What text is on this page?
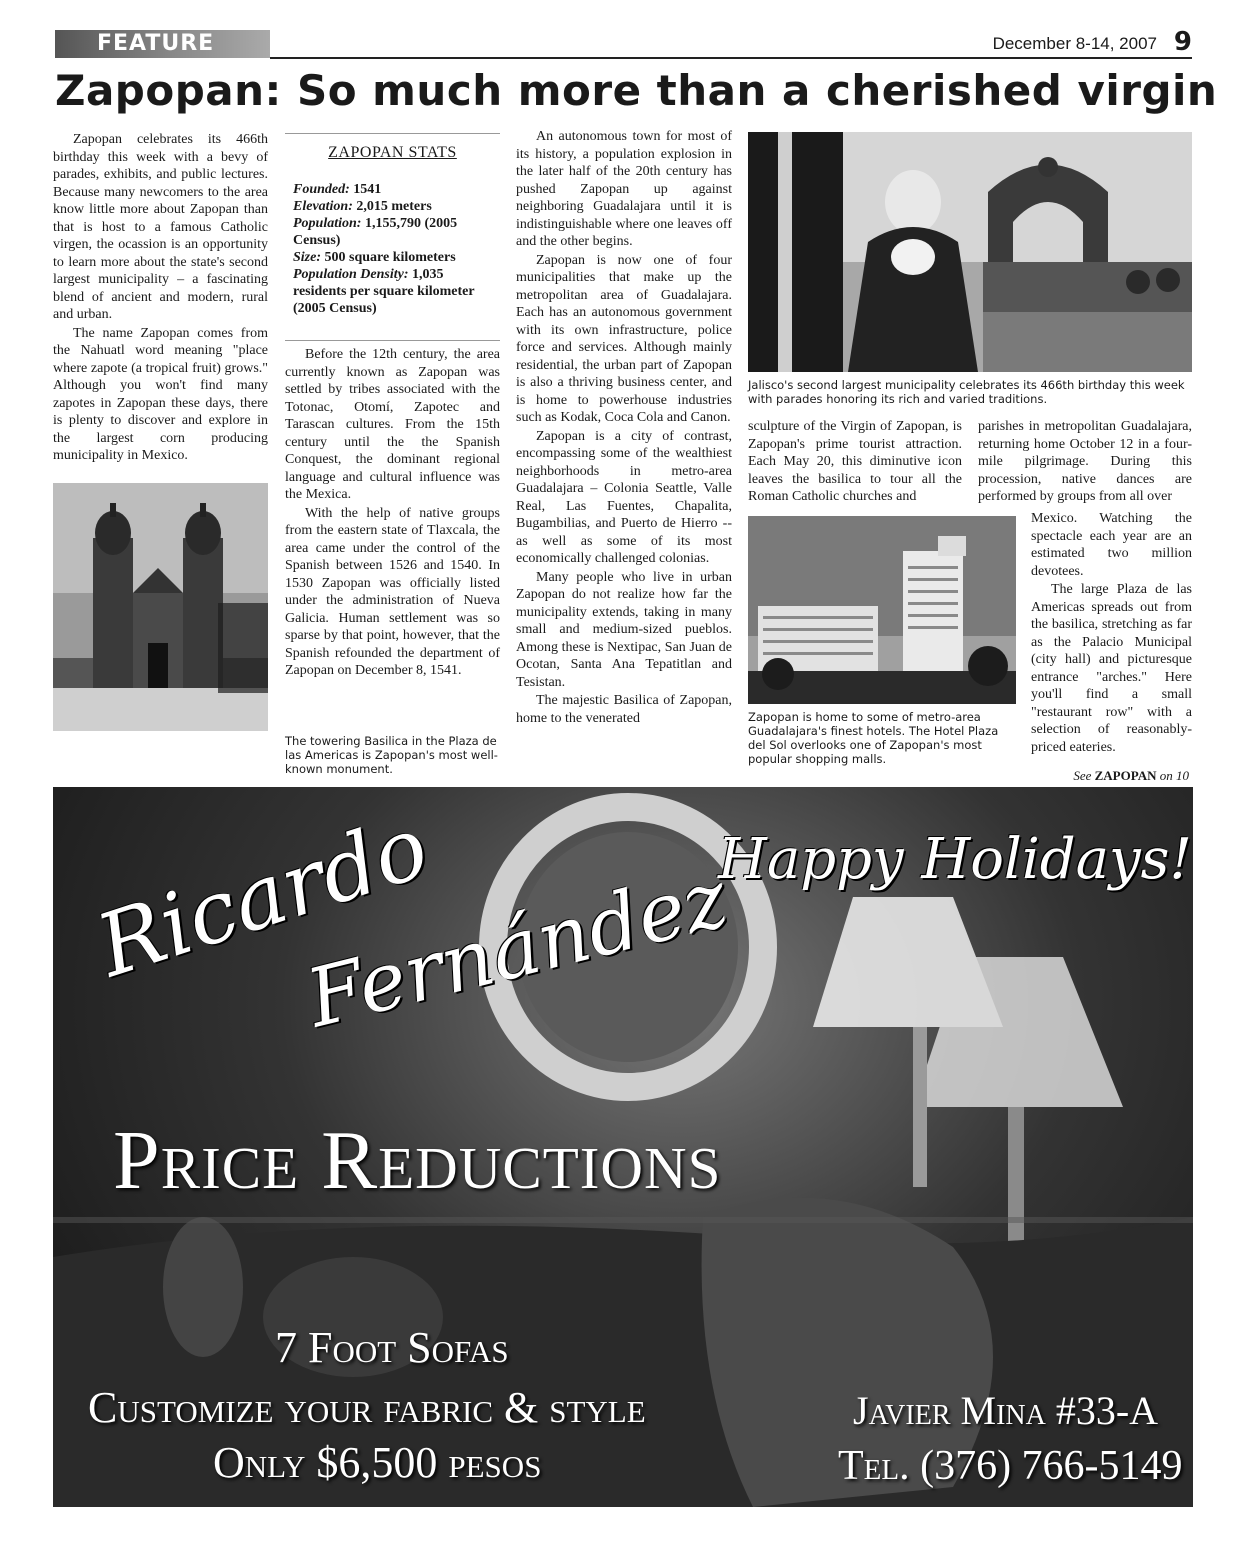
FEATURE	December 8-14, 2007 9
Zapopan: So much more than a cherished virgin

Zapopan celebrates its 466th birthday this week with a bevy of parades, exhibits, and public lectures. Because many newcomers to the area know little more about Zapopan than that is host to a famous Catholic virgen, the ocassion is an opportunity to learn more about the state's second largest municipality – a fascinating blend of ancient and modern, rural and urban.

The name Zapopan comes from the Nahuatl word meaning "place where zapote (a tropical fruit) grows." Although you won't find many zapotes in Zapopan these days, there is plenty to discover and explore in the largest corn producing municipality in Mexico.

The towering Basilica in the Plaza de las Americas is Zapopan's most well-known monument.
ZAPOPAN STATS
Founded: 1541
Elevation: 2,015 meters
Population: 1,155,790 (2005 Census)
Size: 500 square kilometers
Population Density: 1,035 residents per square kilometer (2005 Census)

Before the 12th century, the area currently known as Zapopan was settled by tribes associated with the Totonac, Otomí, Zapotec and Tarascan cultures. From the 15th century until the the Spanish Conquest, the dominant regional language and cultural influence was the Mexica.

With the help of native groups from the eastern state of Tlaxcala, the area came under the control of the Spanish between 1526 and 1540. In 1530 Zapopan was officially listed under the administration of Nueva Galicia. Human settlement was so sparse by that point, however, that the Spanish refounded the department of Zapopan on December 8, 1541.

An autonomous town for most of its history, a population explosion in the later half of the 20th century has pushed Zapopan up against neighboring Guadalajara until it is indistinguishable where one leaves off and the other begins.

Zapopan is now one of four municipalities that make up the metropolitan area of Guadalajara. Each has an autonomous government with its own infrastructure, police force and services. Although mainly residential, the urban part of Zapopan is also a thriving business center, and is home to powerhouse industries such as Kodak, Coca Cola and Canon.

Zapopan is a city of contrast, encompassing some of the wealthiest neighborhoods in metro-area Guadalajara – Colonia Seattle, Valle Real, Las Fuentes, Chapalita, Bugambilias, and Puerto de Hierro -- as well as some of its most economically challenged colonias.

Many people who live in urban Zapopan do not realize how far the municipality extends, taking in many small and medium-sized pueblos. Among these is Nextipac, San Juan de Ocotan, Santa Ana Tepatitlan and Tesistan.

The majestic Basilica of Zapopan, home to the venerated

Jalisco's second largest municipality celebrates its 466th birthday this week with parades honoring its rich and varied traditions.

sculpture of the Virgin of Zapopan, is Zapopan's prime tourist attraction. Each May 20, this diminutive icon leaves the basilica to tour all the Roman Catholic churches and

parishes in metropolitan Guadalajara, returning home October 12 in a four-mile pilgrimage. During this procession, native dances are performed by groups from all over

Zapopan is home to some of metro-area Guadalajara's finest hotels. The Hotel Plaza del Sol overlooks one of Zapopan's most popular shopping malls.

Mexico. Watching the spectacle each year are an estimated two million devotees.

The large Plaza de las Americas spreads out from the basilica, stretching as far as the Palacio Municipal (city hall) and picturesque entrance "arches." Here you'll find a small "restaurant row" with a selection of reasonably-priced eateries.

See ZAPOPAN on 10
Ricardo
Fernández
Happy Holidays!
Price Reductions
7 Foot Sofas
Customize your fabric & style
Only $6,500 pesos
Javier Mina #33-A
Tel. (376) 766-5149
